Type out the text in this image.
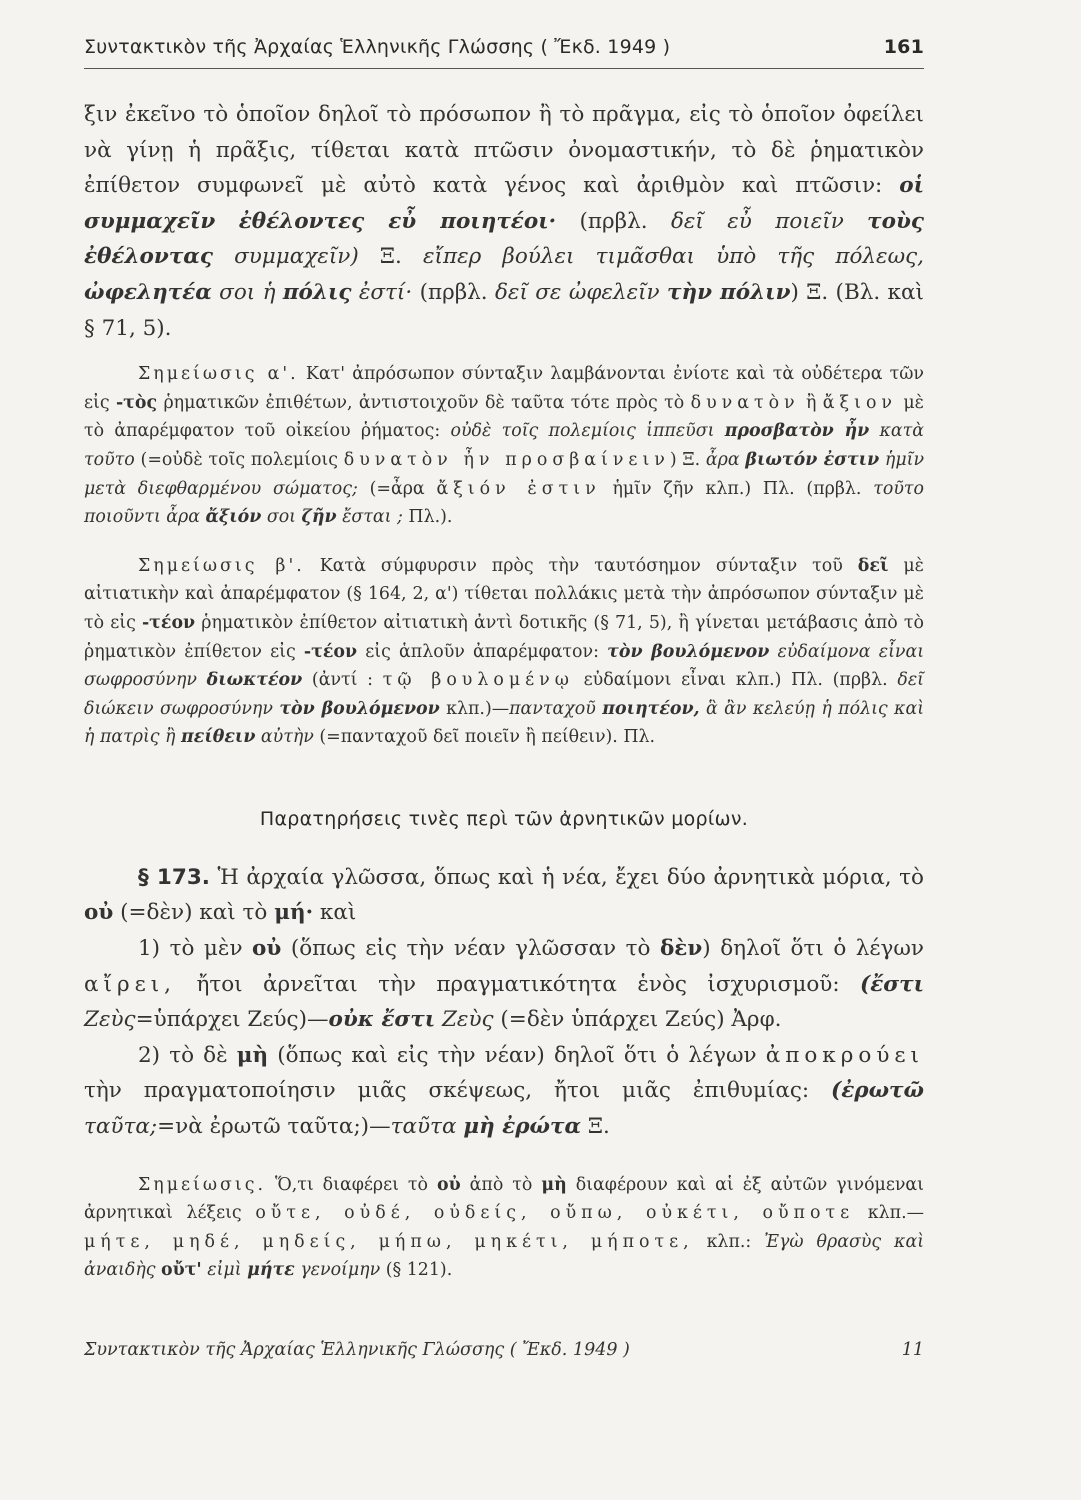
Συντακτικὸν τῆς Ἀρχαίας Ἑλληνικῆς Γλώσσης ( Ἔκδ. 1949 )	161

ξιν ἐκεῖνο τὸ ὁποῖον δηλοῖ τὸ πρόσωπον ἢ τὸ πρᾶγμα, εἰς τὸ ὁποῖον ὀφείλει νὰ γίνῃ ἡ πρᾶξις, τίθεται κατὰ πτῶσιν ὀνομαστικήν, τὸ δὲ ῥηματικὸν ἐπίθετον συμφωνεῖ μὲ αὐτὸ κατὰ γένος καὶ ἀριθμὸν καὶ πτῶσιν: οἱ συμμαχεῖν ἐθέλοντες εὖ ποιητέοι· (πρβλ. δεῖ εὖ ποιεῖν τοὺς ἐθέλοντας συμμαχεῖν) Ξ. εἴπερ βούλει τιμᾶσθαι ὑπὸ τῆς πόλεως, ὠφελητέα σοι ἡ πόλις ἐστί· (πρβλ. δεῖ σε ὠφελεῖν τὴν πόλιν) Ξ. (Βλ. καὶ § 71, 5).

Σημείωσις α'. Κατ' ἀπρόσωπον σύνταξιν λαμβάνονται ἐνίοτε καὶ τὰ οὐδέτερα τῶν εἰς -τὸς ῥηματικῶν ἐπιθέτων, ἀντιστοιχοῦν δὲ ταῦτα τότε πρὸς τὸ δυνατὸν ἢ ἄξιον μὲ τὸ ἀπαρέμφατον τοῦ οἰκείου ῥήματος: οὐδὲ τοῖς πολεμίοις ἱππεῦσι προσβατὸν ἦν κατὰ τοῦτο (=οὐδὲ τοῖς πολεμίοις δυνατὸν ἦν προσβαίνειν) Ξ. ἆρα βιωτόν ἐστιν ἡμῖν μετὰ διεφθαρμένου σώματος; (=ἆρα ἄξιόν ἐστιν ἡμῖν ζῆν κλπ.) Πλ. (πρβλ. τοῦτο ποιοῦντι ἆρα ἄξιόν σοι ζῆν ἔσται ; Πλ.).

Σημείωσις β'. Κατὰ σύμφυρσιν πρὸς τὴν ταυτόσημον σύνταξιν τοῦ δεῖ μὲ αἰτιατικὴν καὶ ἀπαρέμφατον (§ 164, 2, α') τίθεται πολλάκις μετὰ τὴν ἀπρόσωπον σύνταξιν μὲ τὸ εἰς -τέον ῥηματικὸν ἐπίθετον αἰτιατικὴ ἀντὶ δοτικῆς (§ 71, 5), ἢ γίνεται μετάβασις ἀπὸ τὸ ῥηματικὸν ἐπίθετον εἰς -τέον εἰς ἁπλοῦν ἀπαρέμφατον: τὸν βουλόμενον εὐδαίμονα εἶναι σωφροσύνην διωκτέον (ἀντί : τῷ βουλομένῳ εὐδαίμονι εἶναι κλπ.) Πλ. (πρβλ. δεῖ διώκειν σωφροσύνην τὸν βουλόμενον κλπ.)—πανταχοῦ ποιητέον, ἃ ἂν κελεύῃ ἡ πόλις καὶ ἡ πατρὶς ἢ πείθειν αὐτὴν (=πανταχοῦ δεῖ ποιεῖν ἢ πείθειν). Πλ.

Παρατηρήσεις τινὲς περὶ τῶν ἀρνητικῶν μορίων.

§ 173. Ἡ ἀρχαία γλῶσσα, ὅπως καὶ ἡ νέα, ἔχει δύο ἀρνητικὰ μόρια, τὸ οὐ (=δὲν) καὶ τὸ μή· καὶ

1) τὸ μὲν οὐ (ὅπως εἰς τὴν νέαν γλῶσσαν τὸ δὲν) δηλοῖ ὅτι ὁ λέγων αἴρει, ἤτοι ἀρνεῖται τὴν πραγματικότητα ἑνὸς ἰσχυρισμοῦ: (ἔστι Ζεὺς=ὑπάρχει Ζεύς)—οὐκ ἔστι Ζεὺς (=δὲν ὑπάρχει Ζεύς) Ἀρφ.

2) τὸ δὲ μὴ (ὅπως καὶ εἰς τὴν νέαν) δηλοῖ ὅτι ὁ λέγων ἀποκρούει τὴν πραγματοποίησιν μιᾶς σκέψεως, ἤτοι μιᾶς ἐπιθυμίας: (ἐρωτῶ ταῦτα;=νὰ ἐρωτῶ ταῦτα;)—ταῦτα μὴ ἐρώτα Ξ.

Σημείωσις. Ὅ,τι διαφέρει τὸ οὐ ἀπὸ τὸ μὴ διαφέρουν καὶ αἱ ἐξ αὐτῶν γινόμεναι ἀρνητικαὶ λέξεις οὔτε, οὐδέ, οὐδείς, οὔπω, οὐκέτι, οὔποτε κλπ.—μήτε, μηδέ, μηδείς, μήπω, μηκέτι, μήποτε, κλπ.: Ἐγὼ θρασὺς καὶ ἀναιδὴς οὔτ' εἰμὶ μήτε γενοίμην (§ 121).

Συντακτικὸν τῆς Ἀρχαίας Ἑλληνικῆς Γλώσσης ( Ἔκδ. 1949 )	11
